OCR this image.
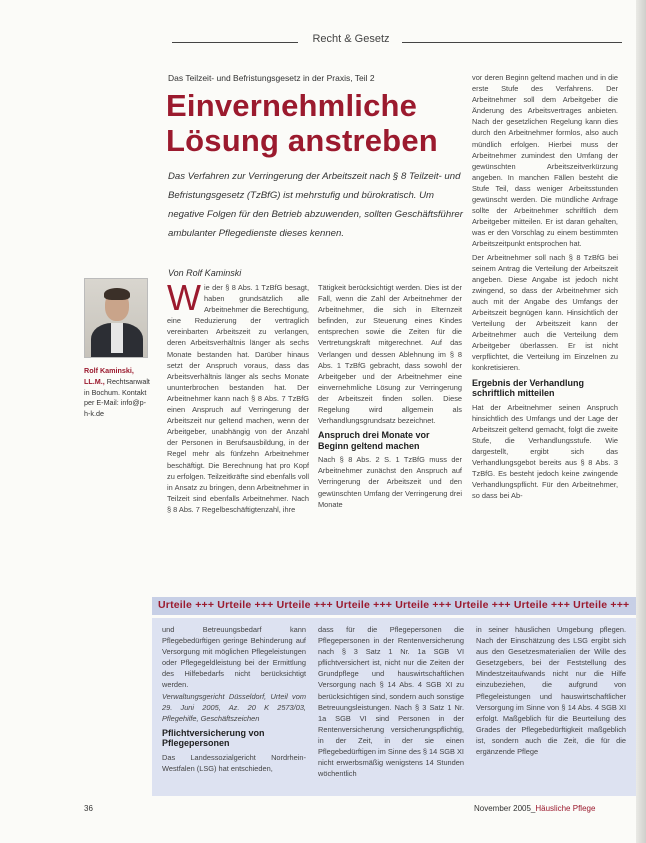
Recht & Gesetz
Das Teilzeit- und Befristungsgesetz in der Praxis, Teil 2
Einvernehmliche
Lösung anstreben

Das Verfahren zur Verringerung der Arbeitszeit nach § 8 Teilzeit- und Befristungsgesetz (TzBfG) ist mehrstufig und bürokratisch. Um negative Folgen für den Betrieb abzuwenden, sollten Geschäftsführer ambulanter Pflegedienste dieses kennen.

Von Rolf Kaminski

Rolf Kaminski, LL.M., Rechtsanwalt in Bochum. Kontakt per E-Mail: info@p-h-k.de

Wie der § 8 Abs. 1 TzBfG besagt, haben grundsätzlich alle Arbeitnehmer die Berechtigung, eine Reduzierung der vertraglich vereinbarten Arbeitszeit zu verlangen, deren Arbeitsverhältnis länger als sechs Monate bestanden hat. Darüber hinaus setzt der Anspruch voraus, dass das Arbeitsverhältnis länger als sechs Monate ununterbrochen bestanden hat. Der Arbeitnehmer kann nach § 8 Abs. 7 TzBfG einen Anspruch auf Verringerung der Arbeitszeit nur geltend machen, wenn der Arbeitgeber, unabhängig von der Anzahl der Personen in Berufsausbildung, in der Regel mehr als fünfzehn Arbeitnehmer beschäftigt. Die Berechnung hat pro Kopf zu erfolgen. Teilzeitkräfte sind ebenfalls voll in Ansatz zu bringen, denn Arbeitnehmer in Teilzeit sind ebenfalls Arbeitnehmer. Nach § 8 Abs. 7 Regelbeschäftigtenzahl, ihre

Tätigkeit berücksichtigt werden. Dies ist der Fall, wenn die Zahl der Arbeitnehmer der Arbeitnehmer, die sich in Elternzeit befinden, zur Steuerung eines Kindes entsprechen sowie die Zeiten für die Vertretungskraft mitgerechnet. Auf das Verlangen und dessen Ablehnung im § 8 Abs. 1 TzBfG gebracht, dass sowohl der Arbeitgeber und der Arbeitnehmer eine einvernehmliche Lösung zur Verringerung der Arbeitszeit finden sollen. Diese Regelung wird allgemein als Verhandlungsgrundsatz bezeichnet.

Anspruch drei Monate vor Beginn geltend machen

Nach § 8 Abs. 2 S. 1 TzBfG muss der Arbeitnehmer zunächst den Anspruch auf Verringerung der Arbeitszeit und den gewünschten Umfang der Verringerung drei Monate

vor deren Beginn geltend machen und in die erste Stufe des Verfahrens. Der Arbeitnehmer soll dem Arbeitgeber die Änderung des Arbeitsvertrages anbieten. Nach der gesetzlichen Regelung kann dies durch den Arbeitnehmer formlos, also auch mündlich erfolgen. Hierbei muss der Arbeitnehmer zumindest den Umfang der gewünschten Arbeitszeitverkürzung angeben. In manchen Fällen besteht die Stufe Teil, dass weniger Arbeitsstunden gewünscht werden. Die mündliche Anfrage sollte der Arbeitnehmer schriftlich dem Arbeitgeber mitteilen. Er ist daran gehalten, was er den Vorschlag zu einem bestimmten Arbeitszeitpunkt entsprochen hat.

Der Arbeitnehmer soll nach § 8 TzBfG bei seinem Antrag die Verteilung der Arbeitszeit angeben. Diese Angabe ist jedoch nicht zwingend, so dass der Arbeitnehmer sich auch mit der Angabe des Umfangs der Arbeitszeit begnügen kann. Hinsichtlich der Verteilung der Arbeitszeit kann der Arbeitnehmer auch die Verteilung dem Arbeitgeber überlassen. Er ist nicht verpflichtet, die Verteilung im Einzelnen zu konkretisieren.

Ergebnis der Verhandlung schriftlich mitteilen

Hat der Arbeitnehmer seinen Anspruch hinsichtlich des Umfangs und der Lage der Arbeitszeit geltend gemacht, folgt die zweite Stufe, die Verhandlungsstufe. Wie dargestellt, ergibt sich das Verhandlungsgebot bereits aus § 8 Abs. 3 TzBfG. Es besteht jedoch keine zwingende Verhandlungspflicht. Für den Arbeitnehmer, so dass bei Ab-

Urteile +++ Urteile +++ Urteile +++ Urteile +++ Urteile +++ Urteile +++ Urteile +++ Urteile +++

und Betreuungsbedarf kann Pflegebedürftigen geringe Behinderung auf Versorgung mit möglichen Pflegeleistungen oder Pflegegeldleistung bei der Ermittlung des Hilfebedarfs nicht berücksichtigt werden.

Verwaltungsgericht Düsseldorf, Urteil vom 29. Juni 2005, Az. 20 K 2573/03, Pflegehilfe, Geschäftszeichen

Pflichtversicherung von Pflegepersonen

Das Landessozialgericht Nordrhein-Westfalen (LSG) hat entschieden,

dass für die Pflegepersonen die Pflegepersonen in der Rentenversicherung nach § 3 Satz 1 Nr. 1a SGB VI pflichtversichert ist, nicht nur die Zeiten der Grundpflege und hauswirtschaftlichen Versorgung nach § 14 Abs. 4 SGB XI zu berücksichtigen sind, sondern auch sonstige Betreuungsleistungen. Nach § 3 Satz 1 Nr. 1a SGB VI sind Personen in der Rentenversicherung versicherungspflichtig, in der Zeit, in der sie einen Pflegebedürftigen im Sinne des § 14 SGB XI nicht erwerbsmäßig wenigstens 14 Stunden wöchentlich

in seiner häuslichen Umgebung pflegen. Nach der Einschätzung des LSG ergibt sich aus den Gesetzesmaterialien der Wille des Gesetzgebers, bei der Feststellung des Mindestzeitaufwands nicht nur die Hilfe einzubeziehen, die aufgrund von Pflegeleistungen und hauswirtschaftlicher Versorgung im Sinne von § 14 Abs. 4 SGB XI erfolgt. Maßgeblich für die Beurteilung des Grades der Pflegebedürftigkeit maßgeblich ist, sondern auch die Zeit, die für die ergänzende Pflege

36	November 2005_Häusliche Pflege
